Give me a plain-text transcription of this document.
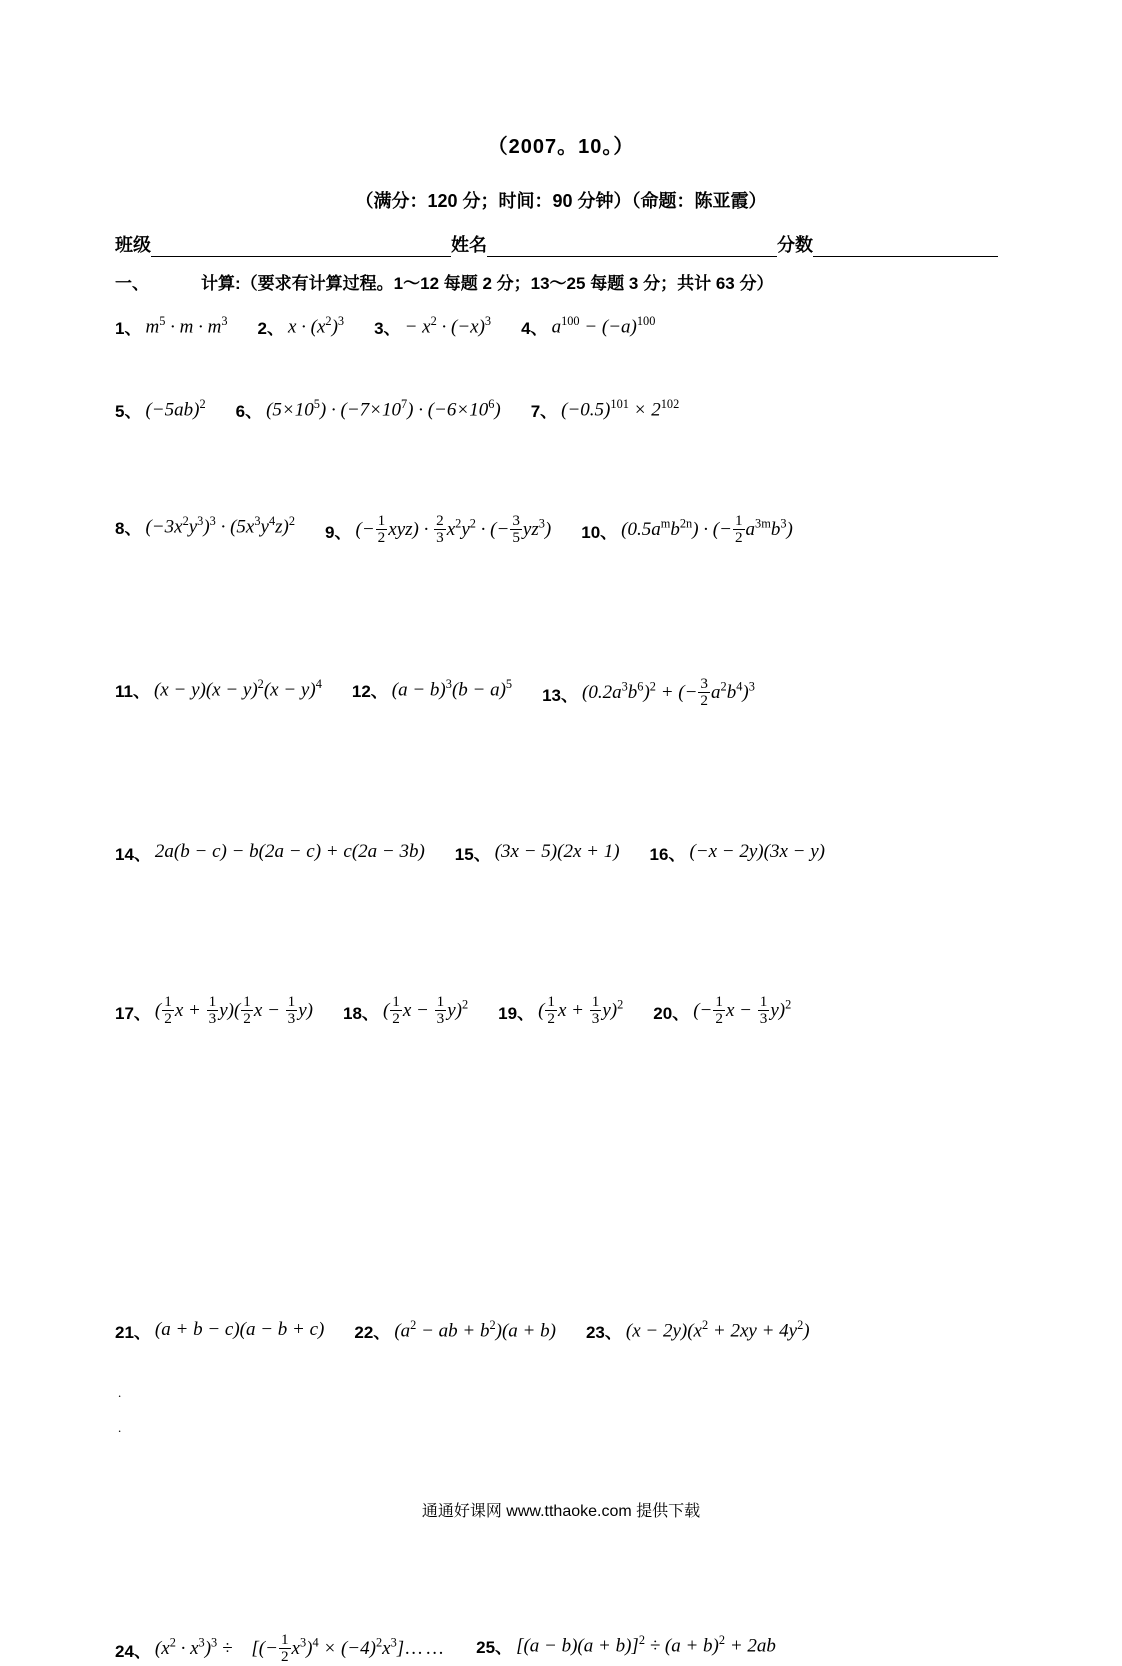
（2007。10。）
（满分：120 分；时间：90 分钟）（命题：陈亚霞）
班级	姓名	分数
一、	计算:（要求有计算过程。1～12 每题 2 分；13～25 每题 3 分；共计 63 分）
1、 $m^5 \cdot m \cdot m^3$ 2、 $x \cdot (x^2)^3$ 3、 − $x^2 \cdot (-x)^3$ 4、 $a^{100} - (-a)^{100}$
5、 $(-5ab)^2$ 6、 $(5\times 10^5) \cdot (-7\times 10^7) \cdot (-6\times 10^6)$ 7、 $(-0.5)^{101} \times 2^{102}$
8、 $(-3x^2y^3)^3 \cdot (5x^3y^4z)^2$
9、 (− $\frac{1}{2} xyz) \cdot \frac{2}{3} x^2y^2$ · (− $\frac{3}{5} yz^3$) 10、 $(0.5a^mb^{2n})$ · (− $\frac{1}{2} a^{3m}b^3$)
11、 $(x - y)(x - y)^2(x - y)^4$ 12、 $(a - b)^3(b - a)^5$
13、 $(0.2a^3b^6)^2$ + (− $\frac{3}{2} a^2b^4)^3$
14、 2a(b − c) − b(2a − c) + c(2a − 3b) 15、 (3x − 5)(2x + 1) 16、 (−x − 2y)(3x − y)
17、 ( $\frac{1}{2}$ $x + \frac{1}{3} y)( \frac{1}{2}$ $x - \frac{1}{3} y$) 18、 ( $\frac{1}{2}$ $x - \frac{1}{3} y)^2$ 19、 ( $\frac{1}{2}$ $x + \frac{1}{3} y)^2$ 20、 (− $\frac{1}{2}$ $x - \frac{1}{3} y)^2$
21、 (a + b − c)(a − b + c) 22、 ($a^2$ − ab + $b^2)(a + b)$ 23、 $(x - 2y)(x^2 + 2xy + 4y^2)$
24、 $(x^2 \cdot x^3)^3$ ÷　[(− $\frac{1}{2} x^3)^4$ × $(-4)^2x^3]\dots\dots$ 25、 $[(a - b)(a + b)]^2 \div (a + b)^2 + 2ab$
.
.
通通好课网 www.tthaoke.com 提供下载
